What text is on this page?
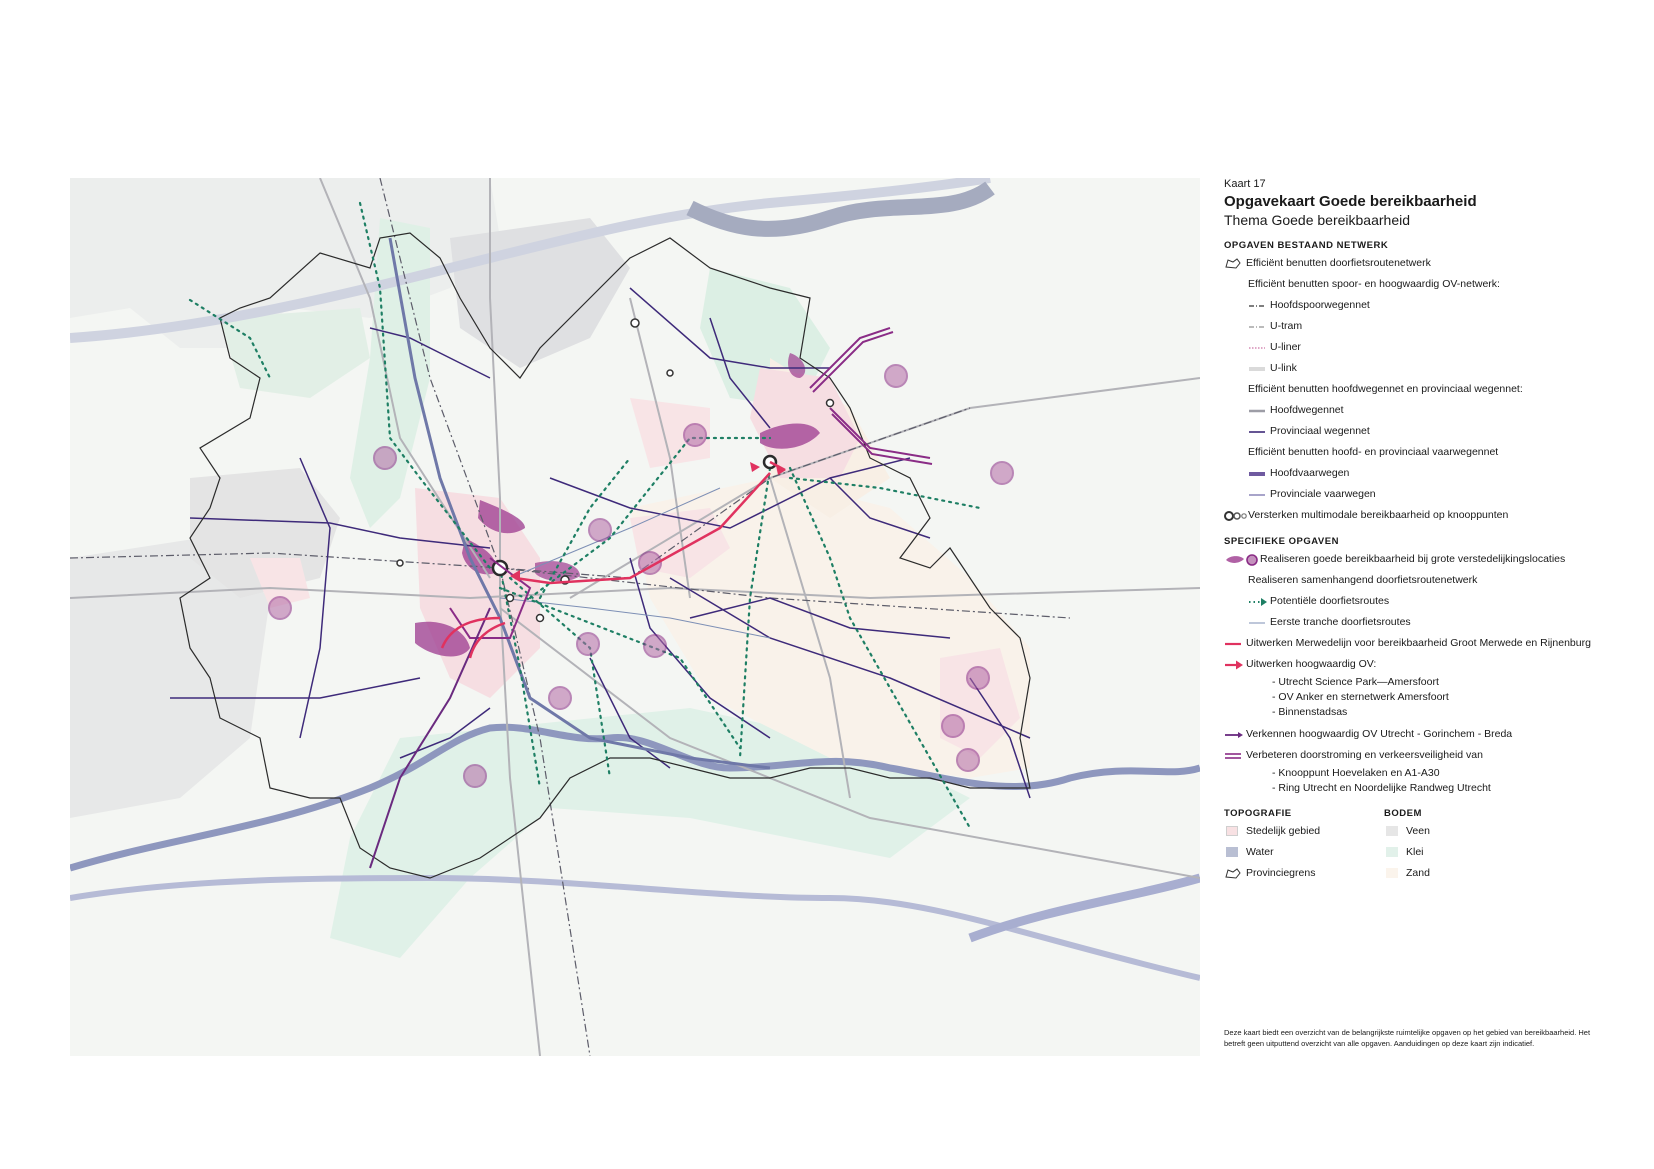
Kaart 17
Opgavekaart Goede bereikbaarheid
Thema Goede bereikbaarheid
OPGAVEN BESTAAND NETWERK
Efficiënt benutten doorfietsroutenetwerk
Efficiënt benutten spoor- en hoogwaardig OV-netwerk:
Hoofdspoorwegennet
U-tram
U-liner
U-link
Efficiënt benutten hoofdwegennet en provinciaal wegennet:
Hoofdwegennet
Provinciaal wegennet
Efficiënt benutten hoofd- en provinciaal vaarwegennet
Hoofdvaarwegen
Provinciale vaarwegen
Versterken multimodale bereikbaarheid op knooppunten
SPECIFIEKE OPGAVEN
Realiseren goede bereikbaarheid bij grote verstedelijkingslocaties
Realiseren samenhangend doorfietsroutenetwerk
Potentiële doorfietsroutes
Eerste tranche doorfietsroutes
Uitwerken Merwedelijn voor bereikbaarheid Groot Merwede en Rijnenburg
Uitwerken hoogwaardig OV:
- Utrecht Science Park—Amersfoort
- OV Anker en sternetwerk Amersfoort
- Binnenstadsas
Verkennen hoogwaardig OV Utrecht - Gorinchem - Breda
Verbeteren doorstroming en verkeersveiligheid van
- Knooppunt Hoevelaken en A1-A30
- Ring Utrecht en Noordelijke Randweg Utrecht
TOPOGRAFIE
Stedelijk gebied
Water
Provinciegrens
BODEM
Veen
Klei
Zand
Deze kaart biedt een overzicht van de belangrijkste ruimtelijke opgaven op het gebied van bereikbaarheid. Het betreft geen uitputtend overzicht van alle opgaven. Aanduidingen op deze kaart zijn indicatief.
